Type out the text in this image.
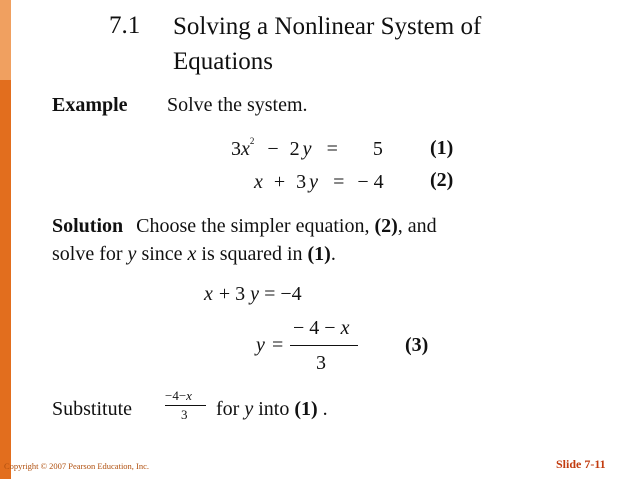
7.1 Solving a Nonlinear System of
Equations
Example Solve the system.
$3x^2 - 2$ y = 5 (1)
x + 3 y = − 4 (2)
Solution Choose the simpler equation, (2), and
solve for y since x is squared in (1).
x + 3 y = −4
y =
− 4 − x
3
(3)
Substitute
−4−x
3 for y into (1) .
Copyright © 2007 Pearson Education, Inc.	Slide 7-11
